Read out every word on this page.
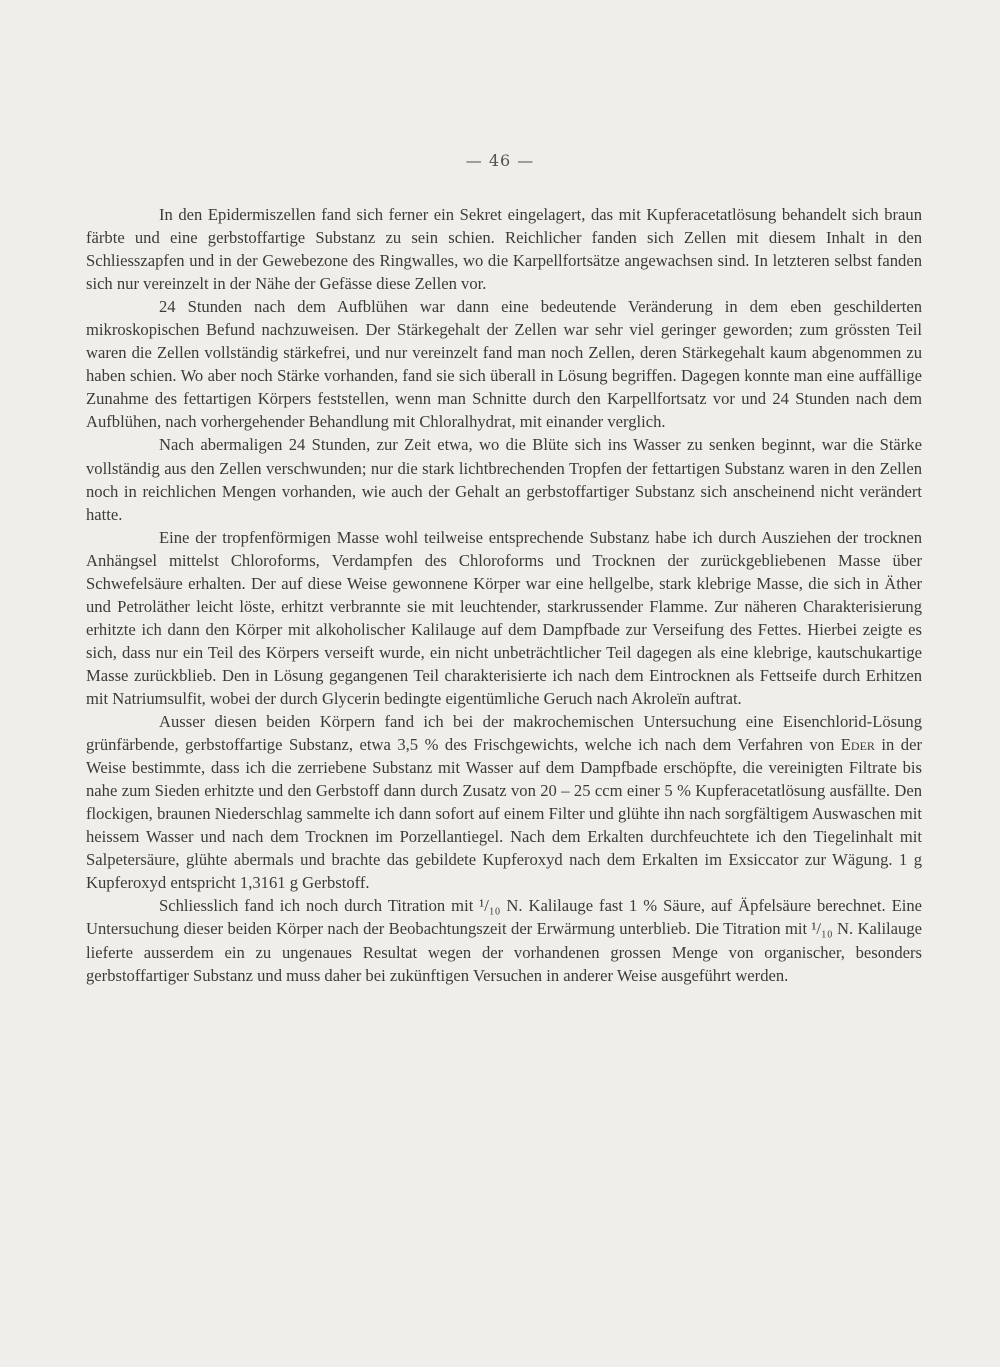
— 46 —

In den Epidermiszellen fand sich ferner ein Sekret eingelagert, das mit Kupferacetatlösung behandelt sich braun färbte und eine gerbstoffartige Substanz zu sein schien. Reichlicher fanden sich Zellen mit diesem Inhalt in den Schliesszapfen und in der Gewebezone des Ringwalles, wo die Karpellfortsätze angewachsen sind. In letzteren selbst fanden sich nur vereinzelt in der Nähe der Gefässe diese Zellen vor.

24 Stunden nach dem Aufblühen war dann eine bedeutende Veränderung in dem eben geschilderten mikroskopischen Befund nachzuweisen. Der Stärkegehalt der Zellen war sehr viel geringer geworden; zum grössten Teil waren die Zellen vollständig stärkefrei, und nur vereinzelt fand man noch Zellen, deren Stärkegehalt kaum abgenommen zu haben schien. Wo aber noch Stärke vorhanden, fand sie sich überall in Lösung begriffen. Dagegen konnte man eine auffällige Zunahme des fettartigen Körpers feststellen, wenn man Schnitte durch den Karpellfortsatz vor und 24 Stunden nach dem Aufblühen, nach vorhergehender Behandlung mit Chloralhydrat, mit einander verglich.

Nach abermaligen 24 Stunden, zur Zeit etwa, wo die Blüte sich ins Wasser zu senken beginnt, war die Stärke vollständig aus den Zellen verschwunden; nur die stark lichtbrechenden Tropfen der fettartigen Substanz waren in den Zellen noch in reichlichen Mengen vorhanden, wie auch der Gehalt an gerbstoffartiger Substanz sich anscheinend nicht verändert hatte.

Eine der tropfenförmigen Masse wohl teilweise entsprechende Substanz habe ich durch Ausziehen der trocknen Anhängsel mittelst Chloroforms, Verdampfen des Chloroforms und Trocknen der zurückgebliebenen Masse über Schwefelsäure erhalten. Der auf diese Weise gewonnene Körper war eine hellgelbe, stark klebrige Masse, die sich in Äther und Petroläther leicht löste, erhitzt verbrannte sie mit leuchtender, starkrussender Flamme. Zur näheren Charakterisierung erhitzte ich dann den Körper mit alkoholischer Kalilauge auf dem Dampfbade zur Verseifung des Fettes. Hierbei zeigte es sich, dass nur ein Teil des Körpers verseift wurde, ein nicht unbeträchtlicher Teil dagegen als eine klebrige, kautschukartige Masse zurückblieb. Den in Lösung gegangenen Teil charakterisierte ich nach dem Eintrocknen als Fettseife durch Erhitzen mit Natriumsulfit, wobei der durch Glycerin bedingte eigentümliche Geruch nach Akroleïn auftrat.

Ausser diesen beiden Körpern fand ich bei der makrochemischen Untersuchung eine Eisenchlorid-Lösung grünfärbende, gerbstoffartige Substanz, etwa 3,5 % des Frischgewichts, welche ich nach dem Verfahren von Eder in der Weise bestimmte, dass ich die zerriebene Substanz mit Wasser auf dem Dampfbade erschöpfte, die vereinigten Filtrate bis nahe zum Sieden erhitzte und den Gerbstoff dann durch Zusatz von 20 – 25 ccm einer 5 % Kupferacetatlösung ausfällte. Den flockigen, braunen Niederschlag sammelte ich dann sofort auf einem Filter und glühte ihn nach sorgfältigem Auswaschen mit heissem Wasser und nach dem Trocknen im Porzellantiegel. Nach dem Erkalten durchfeuchtete ich den Tiegelinhalt mit Salpetersäure, glühte abermals und brachte das gebildete Kupferoxyd nach dem Erkalten im Exsiccator zur Wägung. 1 g Kupferoxyd entspricht 1,3161 g Gerbstoff.

Schliesslich fand ich noch durch Titration mit ¹/₁₀ N. Kalilauge fast 1 % Säure, auf Äpfelsäure berechnet. Eine Untersuchung dieser beiden Körper nach der Beobachtungszeit der Erwärmung unterblieb. Die Titration mit ¹/₁₀ N. Kalilauge lieferte ausserdem ein zu ungenaues Resultat wegen der vorhandenen grossen Menge von organischer, besonders gerbstoffartiger Substanz und muss daher bei zukünftigen Versuchen in anderer Weise ausgeführt werden.
